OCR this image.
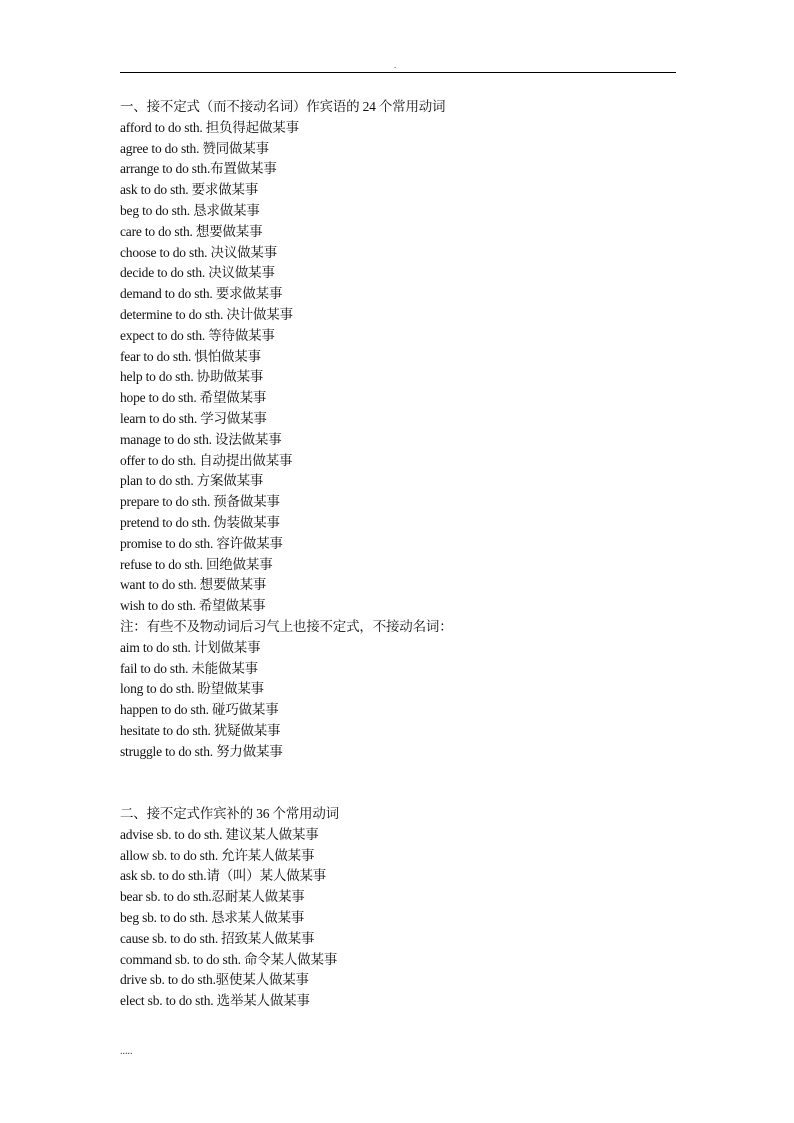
.
一、接不定式（而不接动名词）作宾语的 24 个常用动词
afford to do sth. 担负得起做某事
agree to do sth. 赞同做某事
arrange to do sth.布置做某事
ask to do sth. 要求做某事
beg to do sth. 恳求做某事
care to do sth. 想要做某事
choose to do sth. 决议做某事
decide to do sth. 决议做某事
demand to do sth. 要求做某事
determine to do sth. 决计做某事
expect to do sth. 等待做某事
fear to do sth. 惧怕做某事
help to do sth. 协助做某事
hope to do sth. 希望做某事
learn to do sth. 学习做某事
manage to do sth. 设法做某事
offer to do sth. 自动提出做某事
plan to do sth. 方案做某事
prepare to do sth. 预备做某事
pretend to do sth. 伪装做某事
promise to do sth. 容许做某事
refuse to do sth. 回绝做某事
want to do sth. 想要做某事
wish to do sth. 希望做某事
注：有些不及物动词后习气上也接不定式，不接动名词：
aim to do sth. 计划做某事
fail to do sth. 未能做某事
long to do sth. 盼望做某事
happen to do sth. 碰巧做某事
hesitate to do sth. 犹疑做某事
struggle to do sth. 努力做某事
二、接不定式作宾补的 36 个常用动词
advise sb. to do sth. 建议某人做某事
allow sb. to do sth. 允许某人做某事
ask sb. to do sth.请（叫）某人做某事
bear sb. to do sth.忍耐某人做某事
beg sb. to do sth. 恳求某人做某事
cause sb. to do sth. 招致某人做某事
command sb. to do sth. 命令某人做某事
drive sb. to do sth.驱使某人做某事
elect sb. to do sth. 选举某人做某事
.....
